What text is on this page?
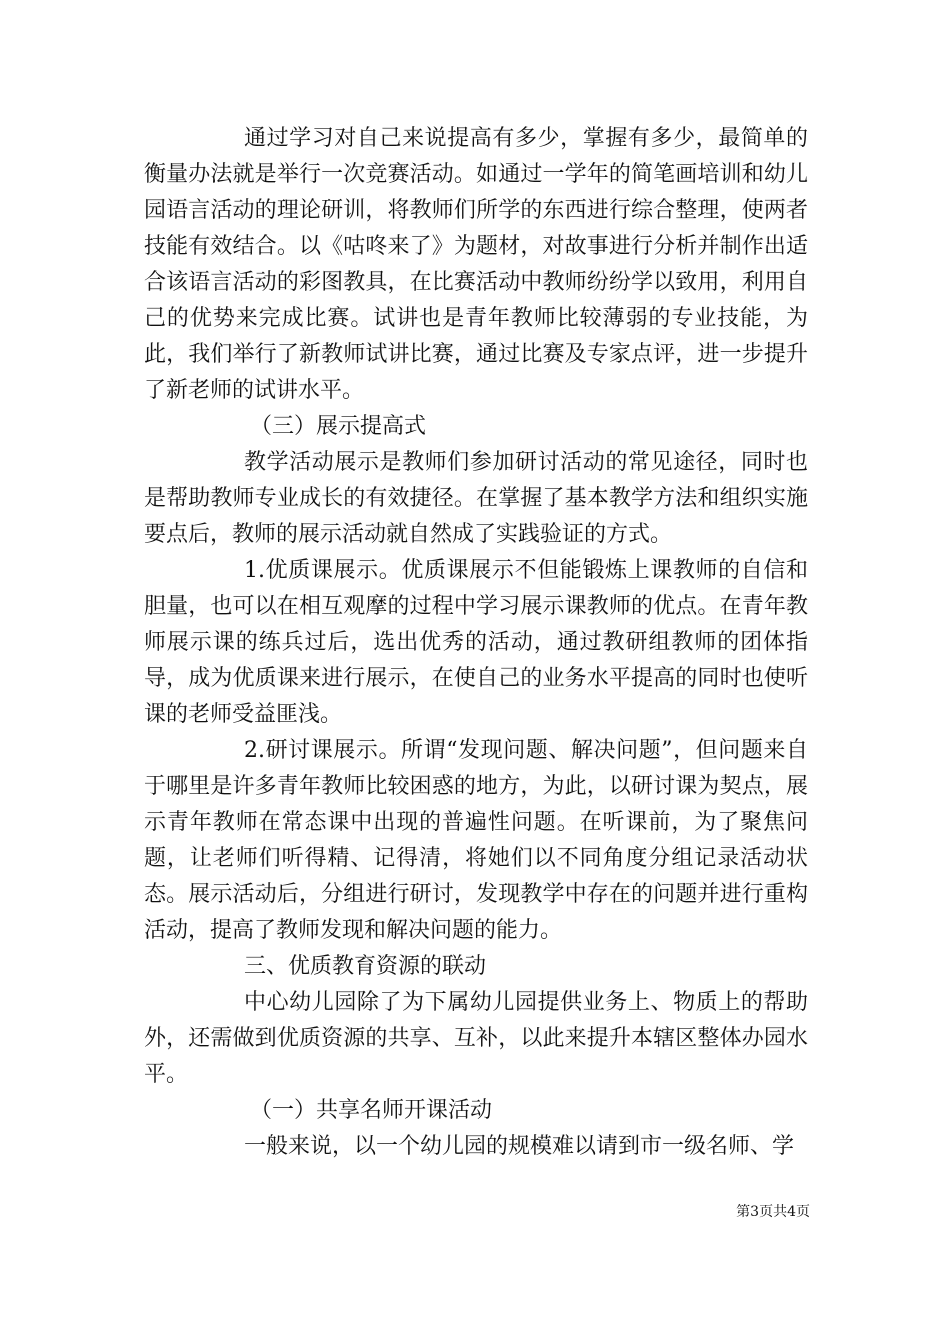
通过学习对自己来说提高有多少，掌握有多少，最简单的衡量办法就是举行一次竞赛活动。如通过一学年的简笔画培训和幼儿园语言活动的理论研训，将教师们所学的东西进行综合整理，使两者技能有效结合。以《咕咚来了》为题材，对故事进行分析并制作出适合该语言活动的彩图教具，在比赛活动中教师纷纷学以致用，利用自己的优势来完成比赛。试讲也是青年教师比较薄弱的专业技能，为此，我们举行了新教师试讲比赛，通过比赛及专家点评，进一步提升了新老师的试讲水平。

（三）展示提高式

教学活动展示是教师们参加研讨活动的常见途径，同时也是帮助教师专业成长的有效捷径。在掌握了基本教学方法和组织实施要点后，教师的展示活动就自然成了实践验证的方式。

1.优质课展示。优质课展示不但能锻炼上课教师的自信和胆量，也可以在相互观摩的过程中学习展示课教师的优点。在青年教师展示课的练兵过后，选出优秀的活动，通过教研组教师的团体指导，成为优质课来进行展示，在使自己的业务水平提高的同时也使听课的老师受益匪浅。

2.研讨课展示。所谓“发现问题、解决问题”，但问题来自于哪里是许多青年教师比较困惑的地方，为此，以研讨课为契点，展示青年教师在常态课中出现的普遍性问题。在听课前，为了聚焦问题，让老师们听得精、记得清，将她们以不同角度分组记录活动状态。展示活动后，分组进行研讨，发现教学中存在的问题并进行重构活动，提高了教师发现和解决问题的能力。

三、优质教育资源的联动

中心幼儿园除了为下属幼儿园提供业务上、物质上的帮助外，还需做到优质资源的共享、互补，以此来提升本辖区整体办园水平。

（一）共享名师开课活动

一般来说，以一个幼儿园的规模难以请到市一级名师、学

第3页共4页
